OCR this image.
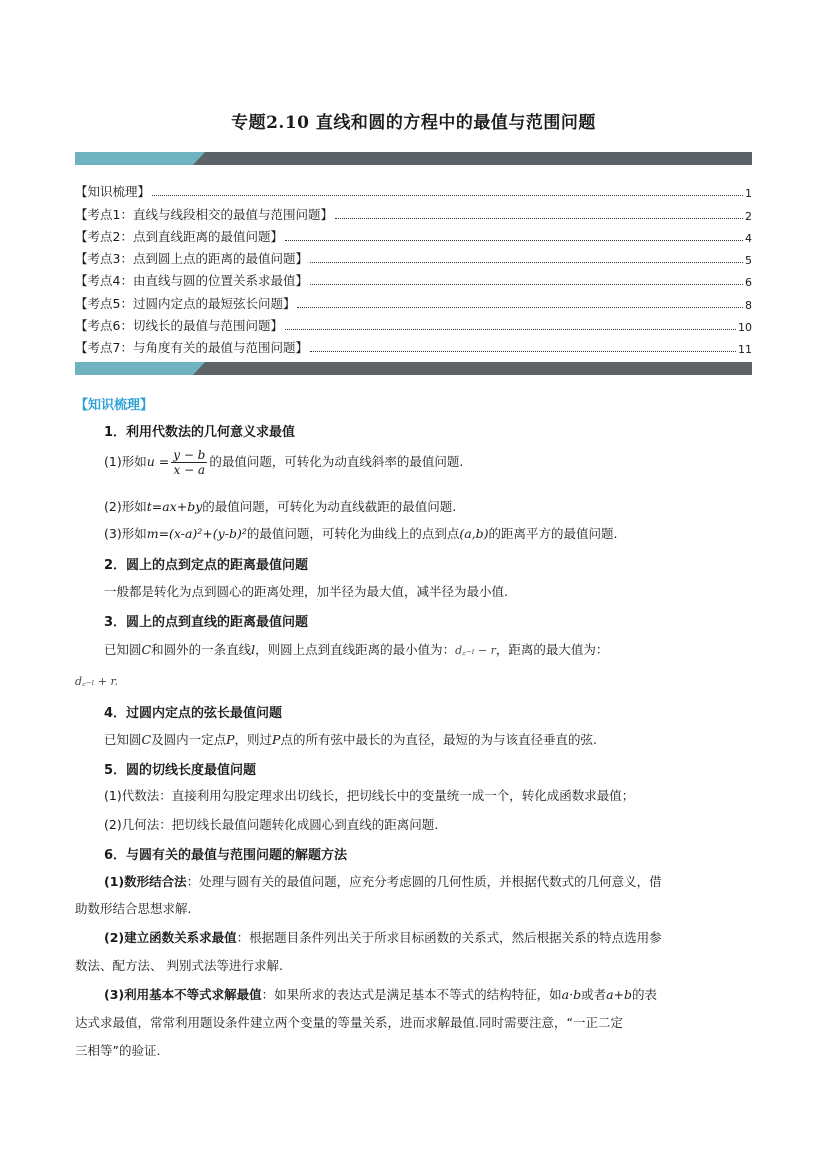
专题2.10 直线和圆的方程中的最值与范围问题
【知识梳理】	1
【考点1：直线与线段相交的最值与范围问题】	2
【考点2：点到直线距离的最值问题】	4
【考点3：点到圆上点的距离的最值问题】	5
【考点4：由直线与圆的位置关系求最值】	6
【考点5：过圆内定点的最短弦长问题】	8
【考点6：切线长的最值与范围问题】	10
【考点7：与角度有关的最值与范围问题】	11
【知识梳理】
1．利用代数法的几何意义求最值
(1)形如$u = \frac{y - b}{x - a}$ 的最值问题，可转化为动直线斜率的最值问题.
(2)形如t=ax+by的最值问题，可转化为动直线截距的最值问题.
(3)形如m=(x-a)²+(y-b)²的最值问题，可转化为曲线上的点到点(a,b)的距离平方的最值问题.
2．圆上的点到定点的距离最值问题
一般都是转化为点到圆心的距离处理，加半径为最大值，减半径为最小值.
3．圆上的点到直线的距离最值问题
已知圆C和圆外的一条直线l，则圆上点到直线距离的最小值为：d꜀₋ₗ − r，距离的最大值为：
d꜀₋ₗ + r.
4．过圆内定点的弦长最值问题
已知圆C及圆内一定点P，则过P点的所有弦中最长的为直径，最短的为与该直径垂直的弦.
5．圆的切线长度最值问题
(1)代数法：直接利用勾股定理求出切线长，把切线长中的变量统一成一个，转化成函数求最值；
(2)几何法：把切线长最值问题转化成圆心到直线的距离问题.
6．与圆有关的最值与范围问题的解题方法
(1)数形结合法：处理与圆有关的最值问题，应充分考虑圆的几何性质，并根据代数式的几何意义，借
助数形结合思想求解.
(2)建立函数关系求最值：根据题目条件列出关于所求目标函数的关系式，然后根据关系的特点选用参
数法、配方法、 判别式法等进行求解.
(3)利用基本不等式求解最值：如果所求的表达式是满足基本不等式的结构特征，如a·b或者a+b的表
达式求最值，常常利用题设条件建立两个变量的等量关系，进而求解最值.同时需要注意，“一正二定
三相等”的验证.
